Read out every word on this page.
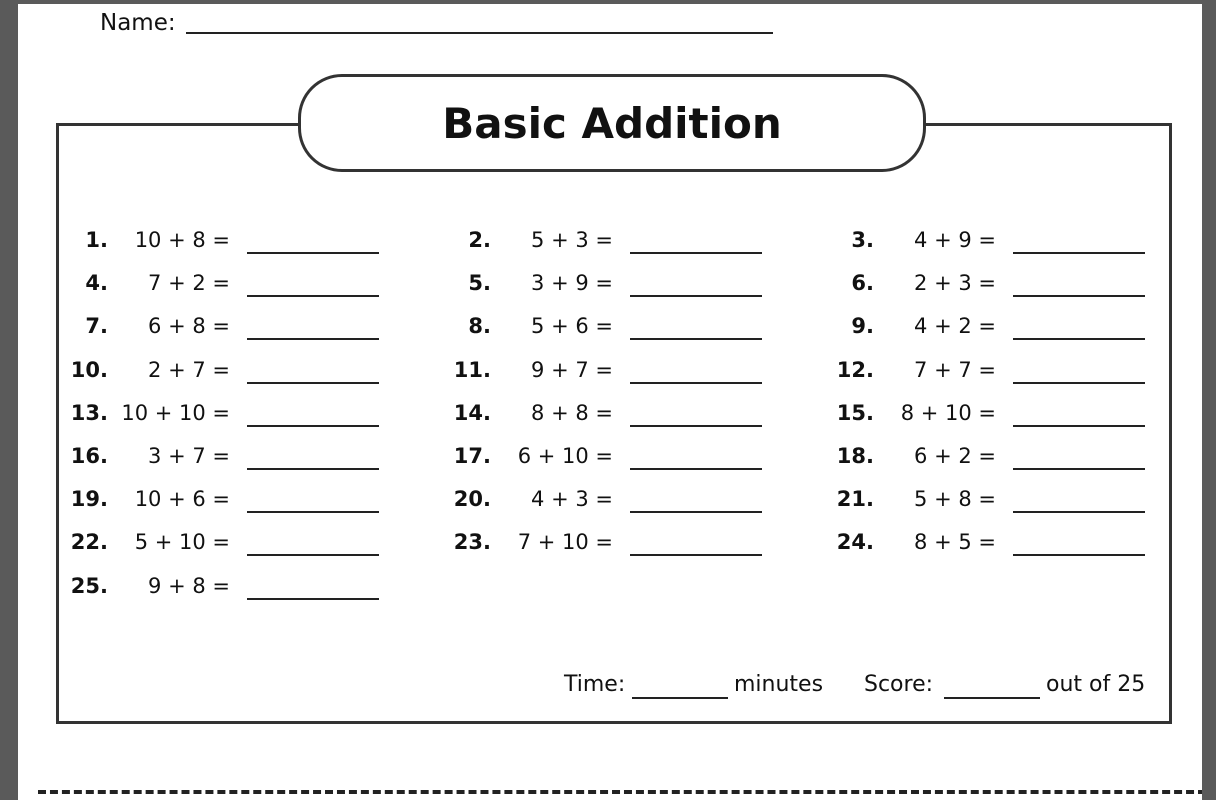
Name:
Basic Addition
1.	10 + 8 =	2.	5 + 3 =	3.	4 + 9 =
4.	7 + 2 =	5.	3 + 9 =	6.	2 + 3 =
7.	6 + 8 =	8.	5 + 6 =	9.	4 + 2 =
10.	2 + 7 =	11.	9 + 7 =	12.	7 + 7 =
13. 10 + 10 =	14.	8 + 8 =	15.	8 + 10 =
16.	3 + 7 =	17.	6 + 10 =	18.	6 + 2 =
19.	10 + 6 =	20.	4 + 3 =	21.	5 + 8 =
22.	5 + 10 =	23.	7 + 10 =	24.	8 + 5 =
25.	9 + 8 =
Time:	minutes Score:	out of 25
